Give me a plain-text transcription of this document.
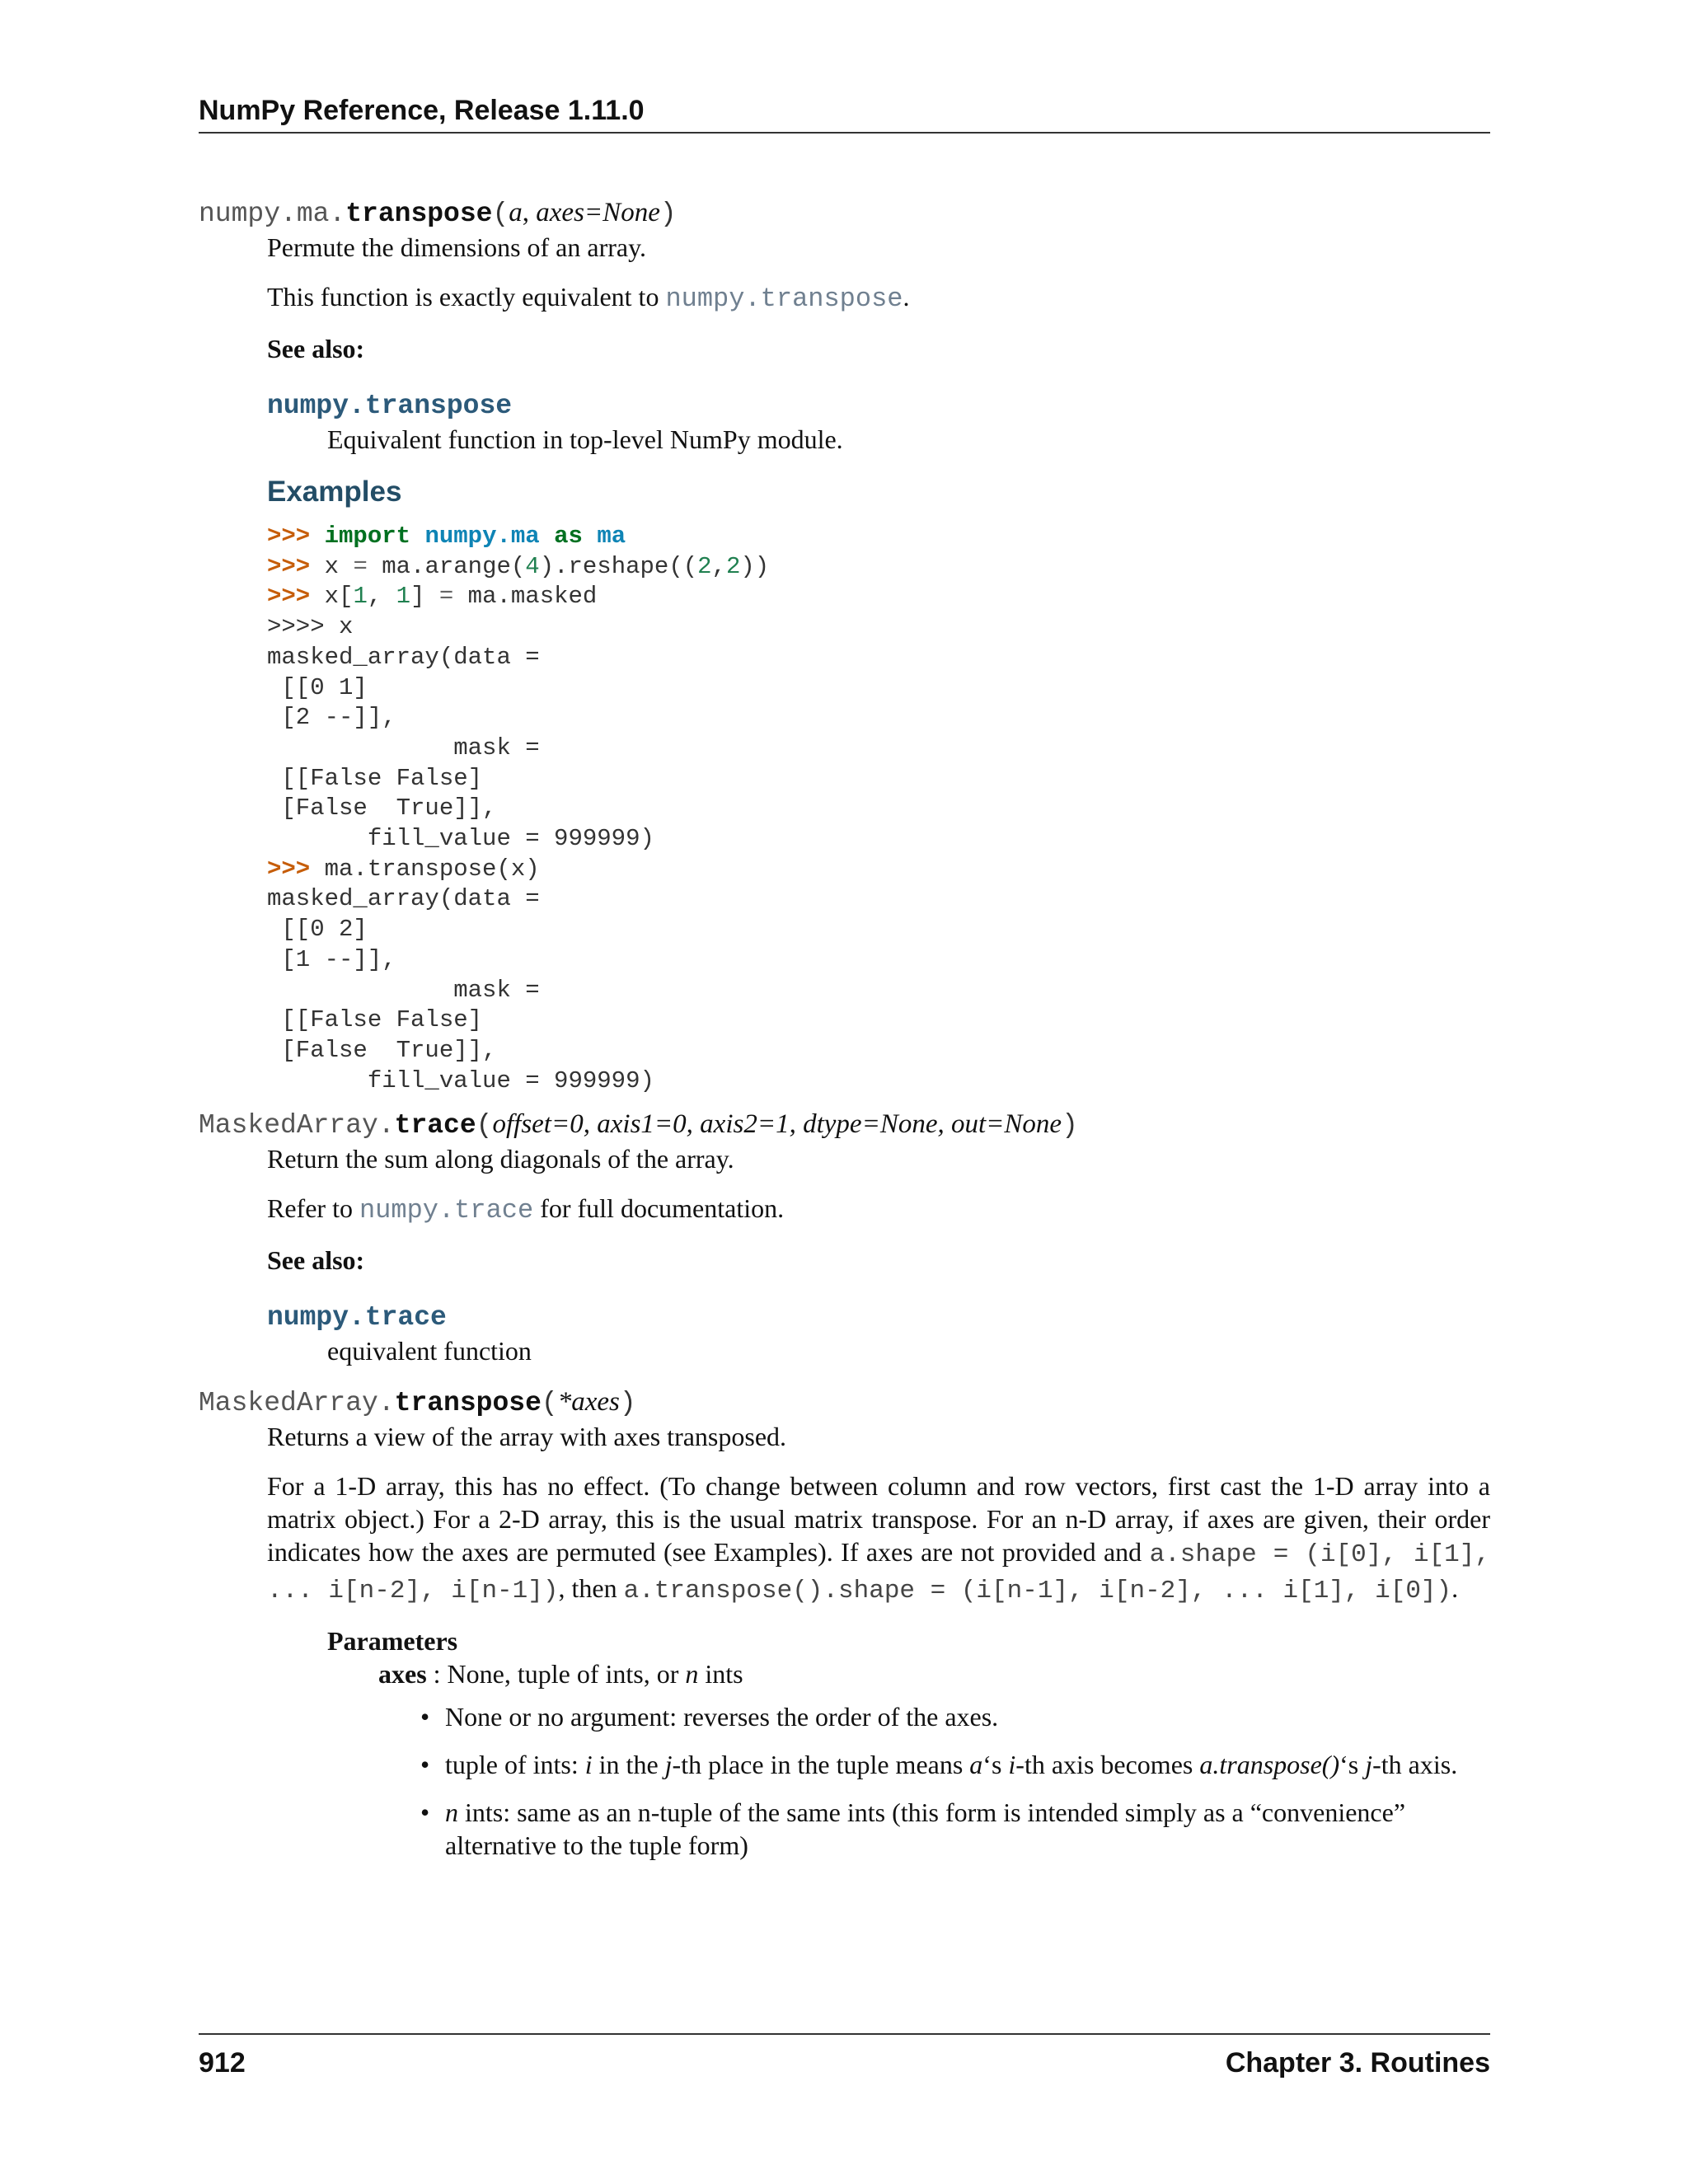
NumPy Reference, Release 1.11.0
numpy.ma.transpose(a, axes=None)

Permute the dimensions of an array.

This function is exactly equivalent to numpy.transpose.

See also:
numpy.transpose
Equivalent function in top-level NumPy module.
Examples
>>> import numpy.ma as ma
>>> x = ma.arange(4).reshape((2,2))
>>> x[1, 1] = ma.masked
>>>> x
masked_array(data =
[[0 1]
[2 --]],
mask =
[[False False]
[False  True]],
fill_value = 999999)
>>> ma.transpose(x)
masked_array(data =
[[0 2]
[1 --]],
mask =
[[False False]
[False  True]],
fill_value = 999999)
MaskedArray.trace(offset=0, axis1=0, axis2=1, dtype=None, out=None)

Return the sum along diagonals of the array.

Refer to numpy.trace for full documentation.

See also:
numpy.trace
equivalent function
MaskedArray.transpose(*axes)

Returns a view of the array with axes transposed.

For a 1-D array, this has no effect. (To change between column and row vectors, first cast the 1-D array into a matrix object.) For a 2-D array, this is the usual matrix transpose. For an n-D array, if axes are given, their order indicates how the axes are permuted (see Examples). If axes are not provided and a.shape = (i[0], i[1], ... i[n-2], i[n-1]), then a.transpose().shape = (i[n-1], i[n-2], ... i[1], i[0]).

Parameters
axes : None, tuple of ints, or n ints
• None or no argument: reverses the order of the axes.
• tuple of ints: i in the j-th place in the tuple means a‘s i-th axis becomes a.transpose()‘s j-th axis.
• n ints: same as an n-tuple of the same ints (this form is intended simply as a “convenience” alternative to the tuple form)
912	Chapter 3. Routines
